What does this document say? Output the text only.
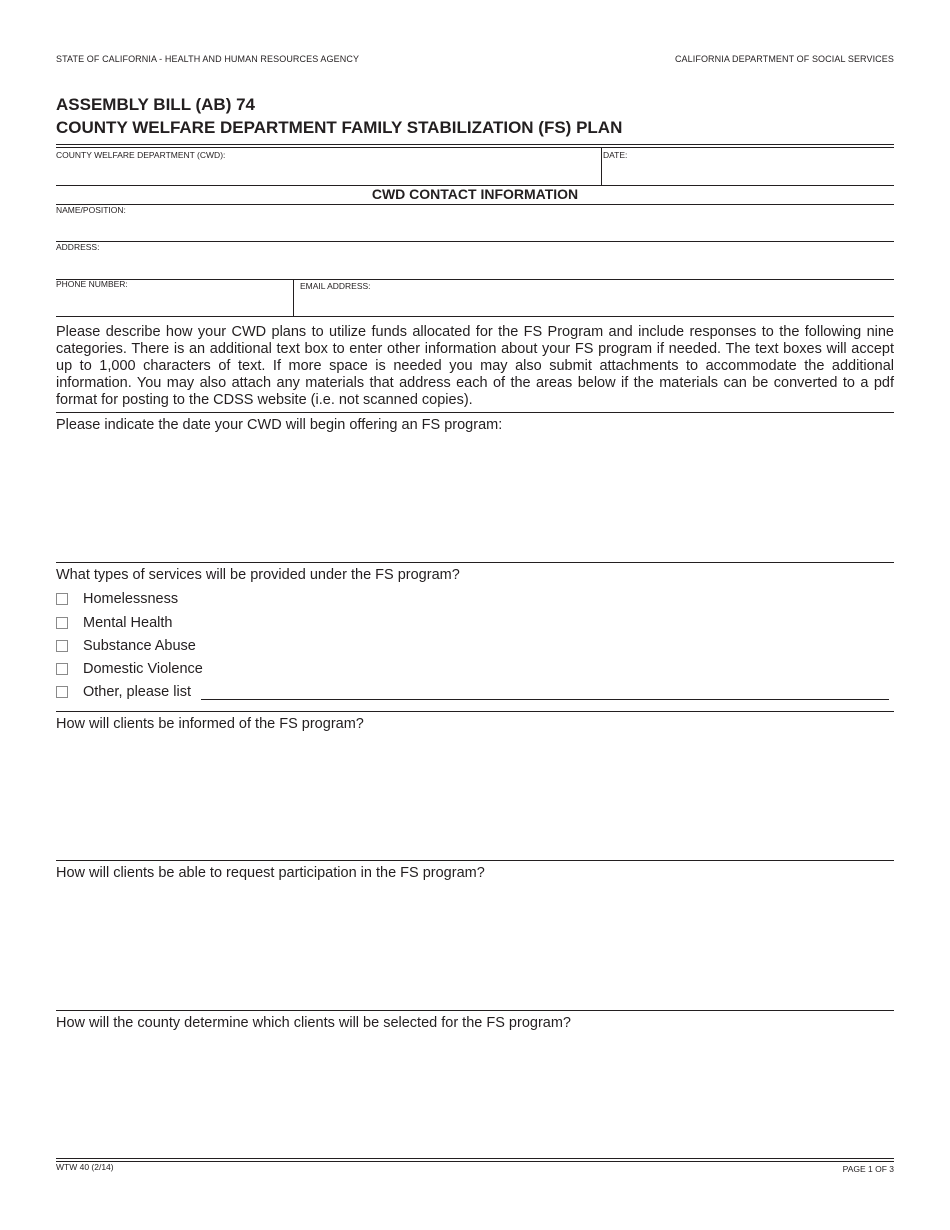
STATE OF CALIFORNIA - HEALTH AND HUMAN RESOURCES AGENCY	CALIFORNIA DEPARTMENT OF SOCIAL SERVICES
ASSEMBLY BILL (AB) 74
COUNTY WELFARE DEPARTMENT FAMILY STABILIZATION (FS) PLAN
COUNTY WELFARE DEPARTMENT (CWD):	DATE:
CWD CONTACT INFORMATION
NAME/POSITION:
ADDRESS:
PHONE NUMBER:	EMAIL ADDRESS:
Please describe how your CWD plans to utilize funds allocated for the FS Program and include responses to the following nine categories. There is an additional text box to enter other information about your FS program if needed. The text boxes will accept up to 1,000 characters of text. If more space is needed you may also submit attachments to accommodate the additional information. You may also attach any materials that address each of the areas below if the materials can be converted to a pdf format for posting to the CDSS website (i.e. not scanned copies).
Please indicate the date your CWD will begin offering an FS program:
What types of services will be provided under the FS program?
Homelessness
Mental Health
Substance Abuse
Domestic Violence
Other, please list
How will clients be informed of the FS program?
How will clients be able to request participation in the FS program?
How will the county determine which clients will be selected for the FS program?
WTW 40 (2/14)	PAGE 1 OF 3
